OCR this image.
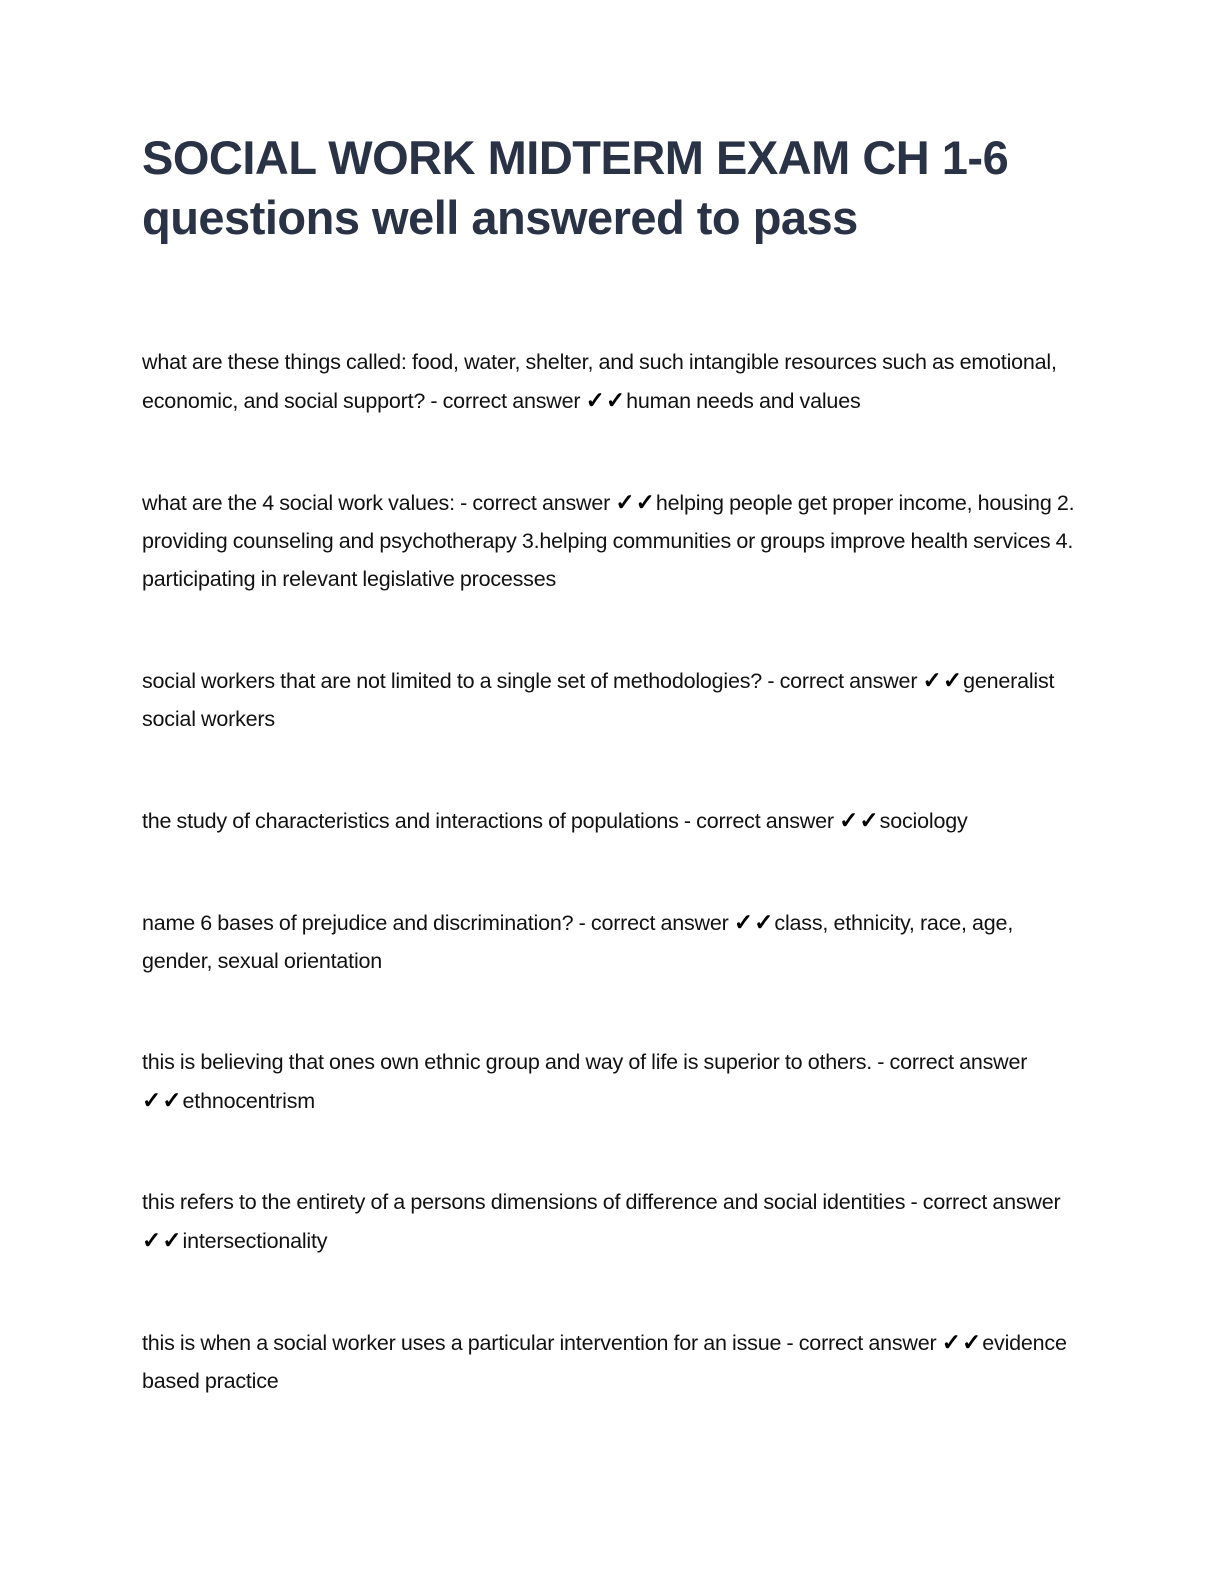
SOCIAL WORK MIDTERM EXAM CH 1-6
questions well answered to pass

what are these things called: food, water, shelter, and such intangible resources such as emotional, economic, and social support? - correct answer ✓✓human needs and values

what are the 4 social work values: - correct answer ✓✓helping people get proper income, housing 2. providing counseling and psychotherapy 3.helping communities or groups improve health services 4. participating in relevant legislative processes

social workers that are not limited to a single set of methodologies? - correct answer ✓✓generalist social workers

the study of characteristics and interactions of populations - correct answer ✓✓sociology

name 6 bases of prejudice and discrimination? - correct answer ✓✓class, ethnicity, race, age, gender, sexual orientation

this is believing that ones own ethnic group and way of life is superior to others. - correct answer ✓✓ethnocentrism

this refers to the entirety of a persons dimensions of difference and social identities - correct answer ✓✓intersectionality

this is when a social worker uses a particular intervention for an issue - correct answer ✓✓evidence based practice
